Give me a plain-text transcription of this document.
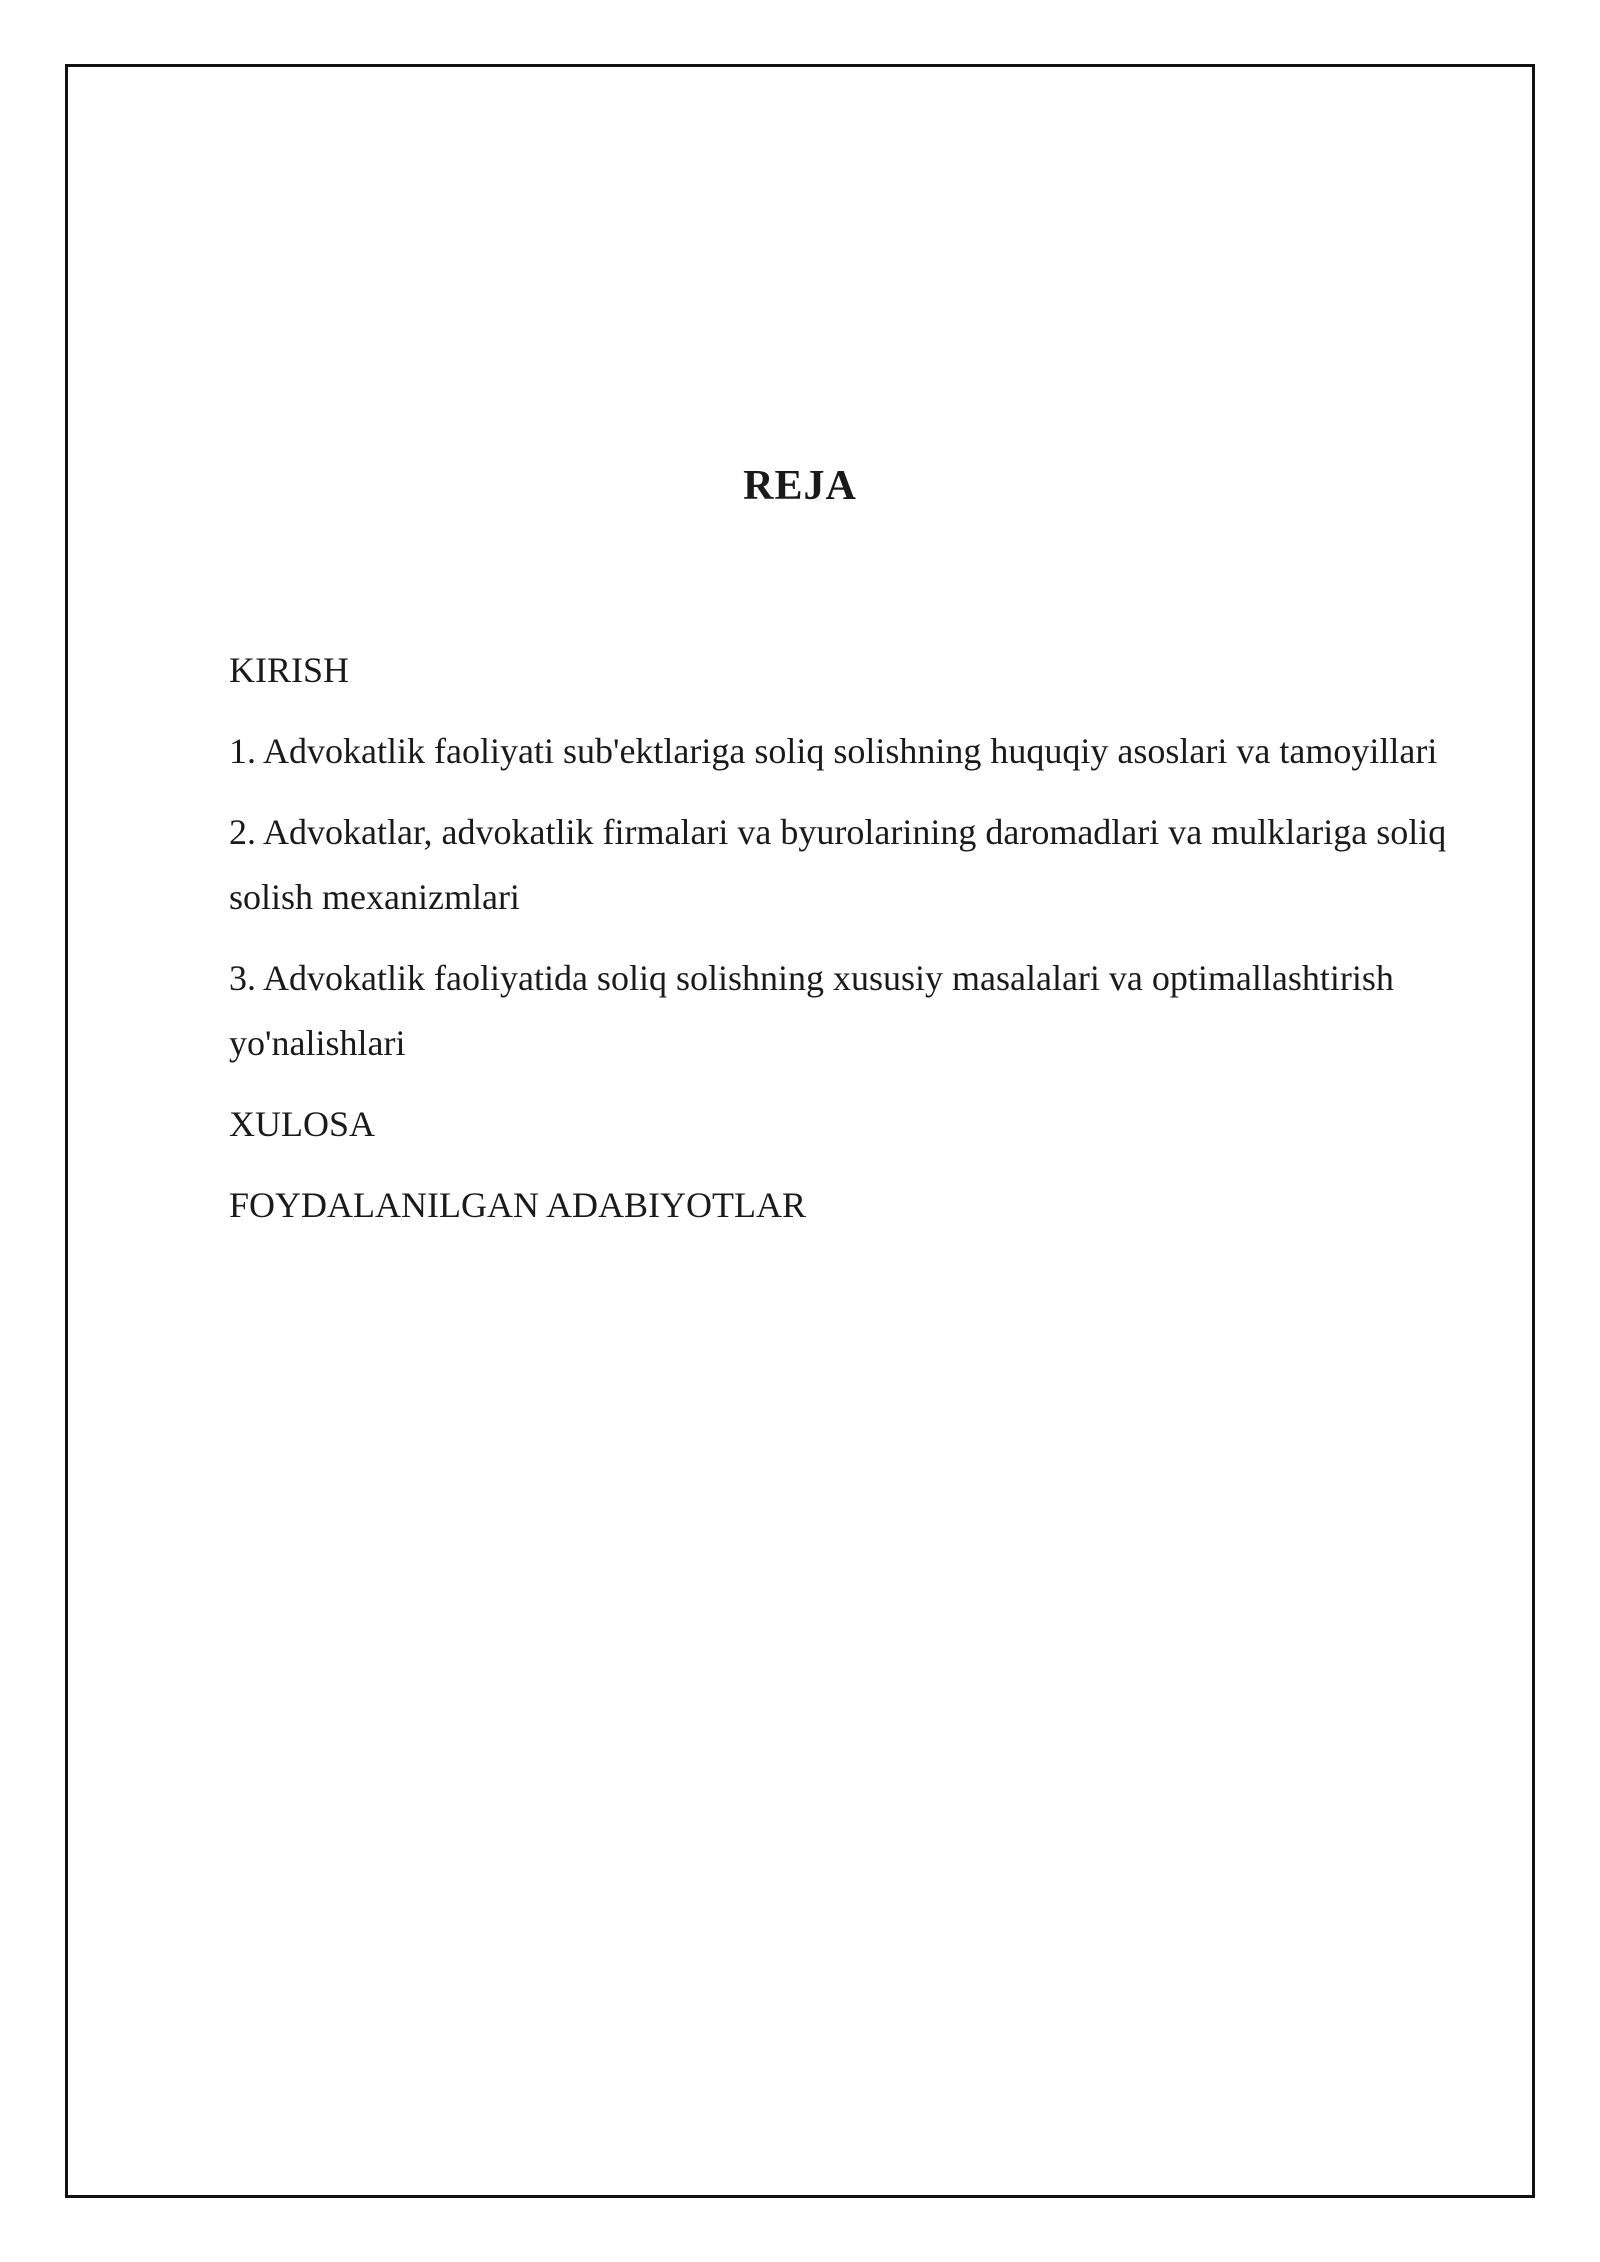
REJA
KIRISH
1. Advokatlik faoliyati sub'ektlariga soliq solishning huquqiy asoslari va tamoyillari
2. Advokatlar, advokatlik firmalari va byurolarining daromadlari va mulklariga soliq solish mexanizmlari
3. Advokatlik faoliyatida soliq solishning xususiy masalalari va optimallashtirish yo'nalishlari
XULOSA
FOYDALANILGAN ADABIYOTLAR
